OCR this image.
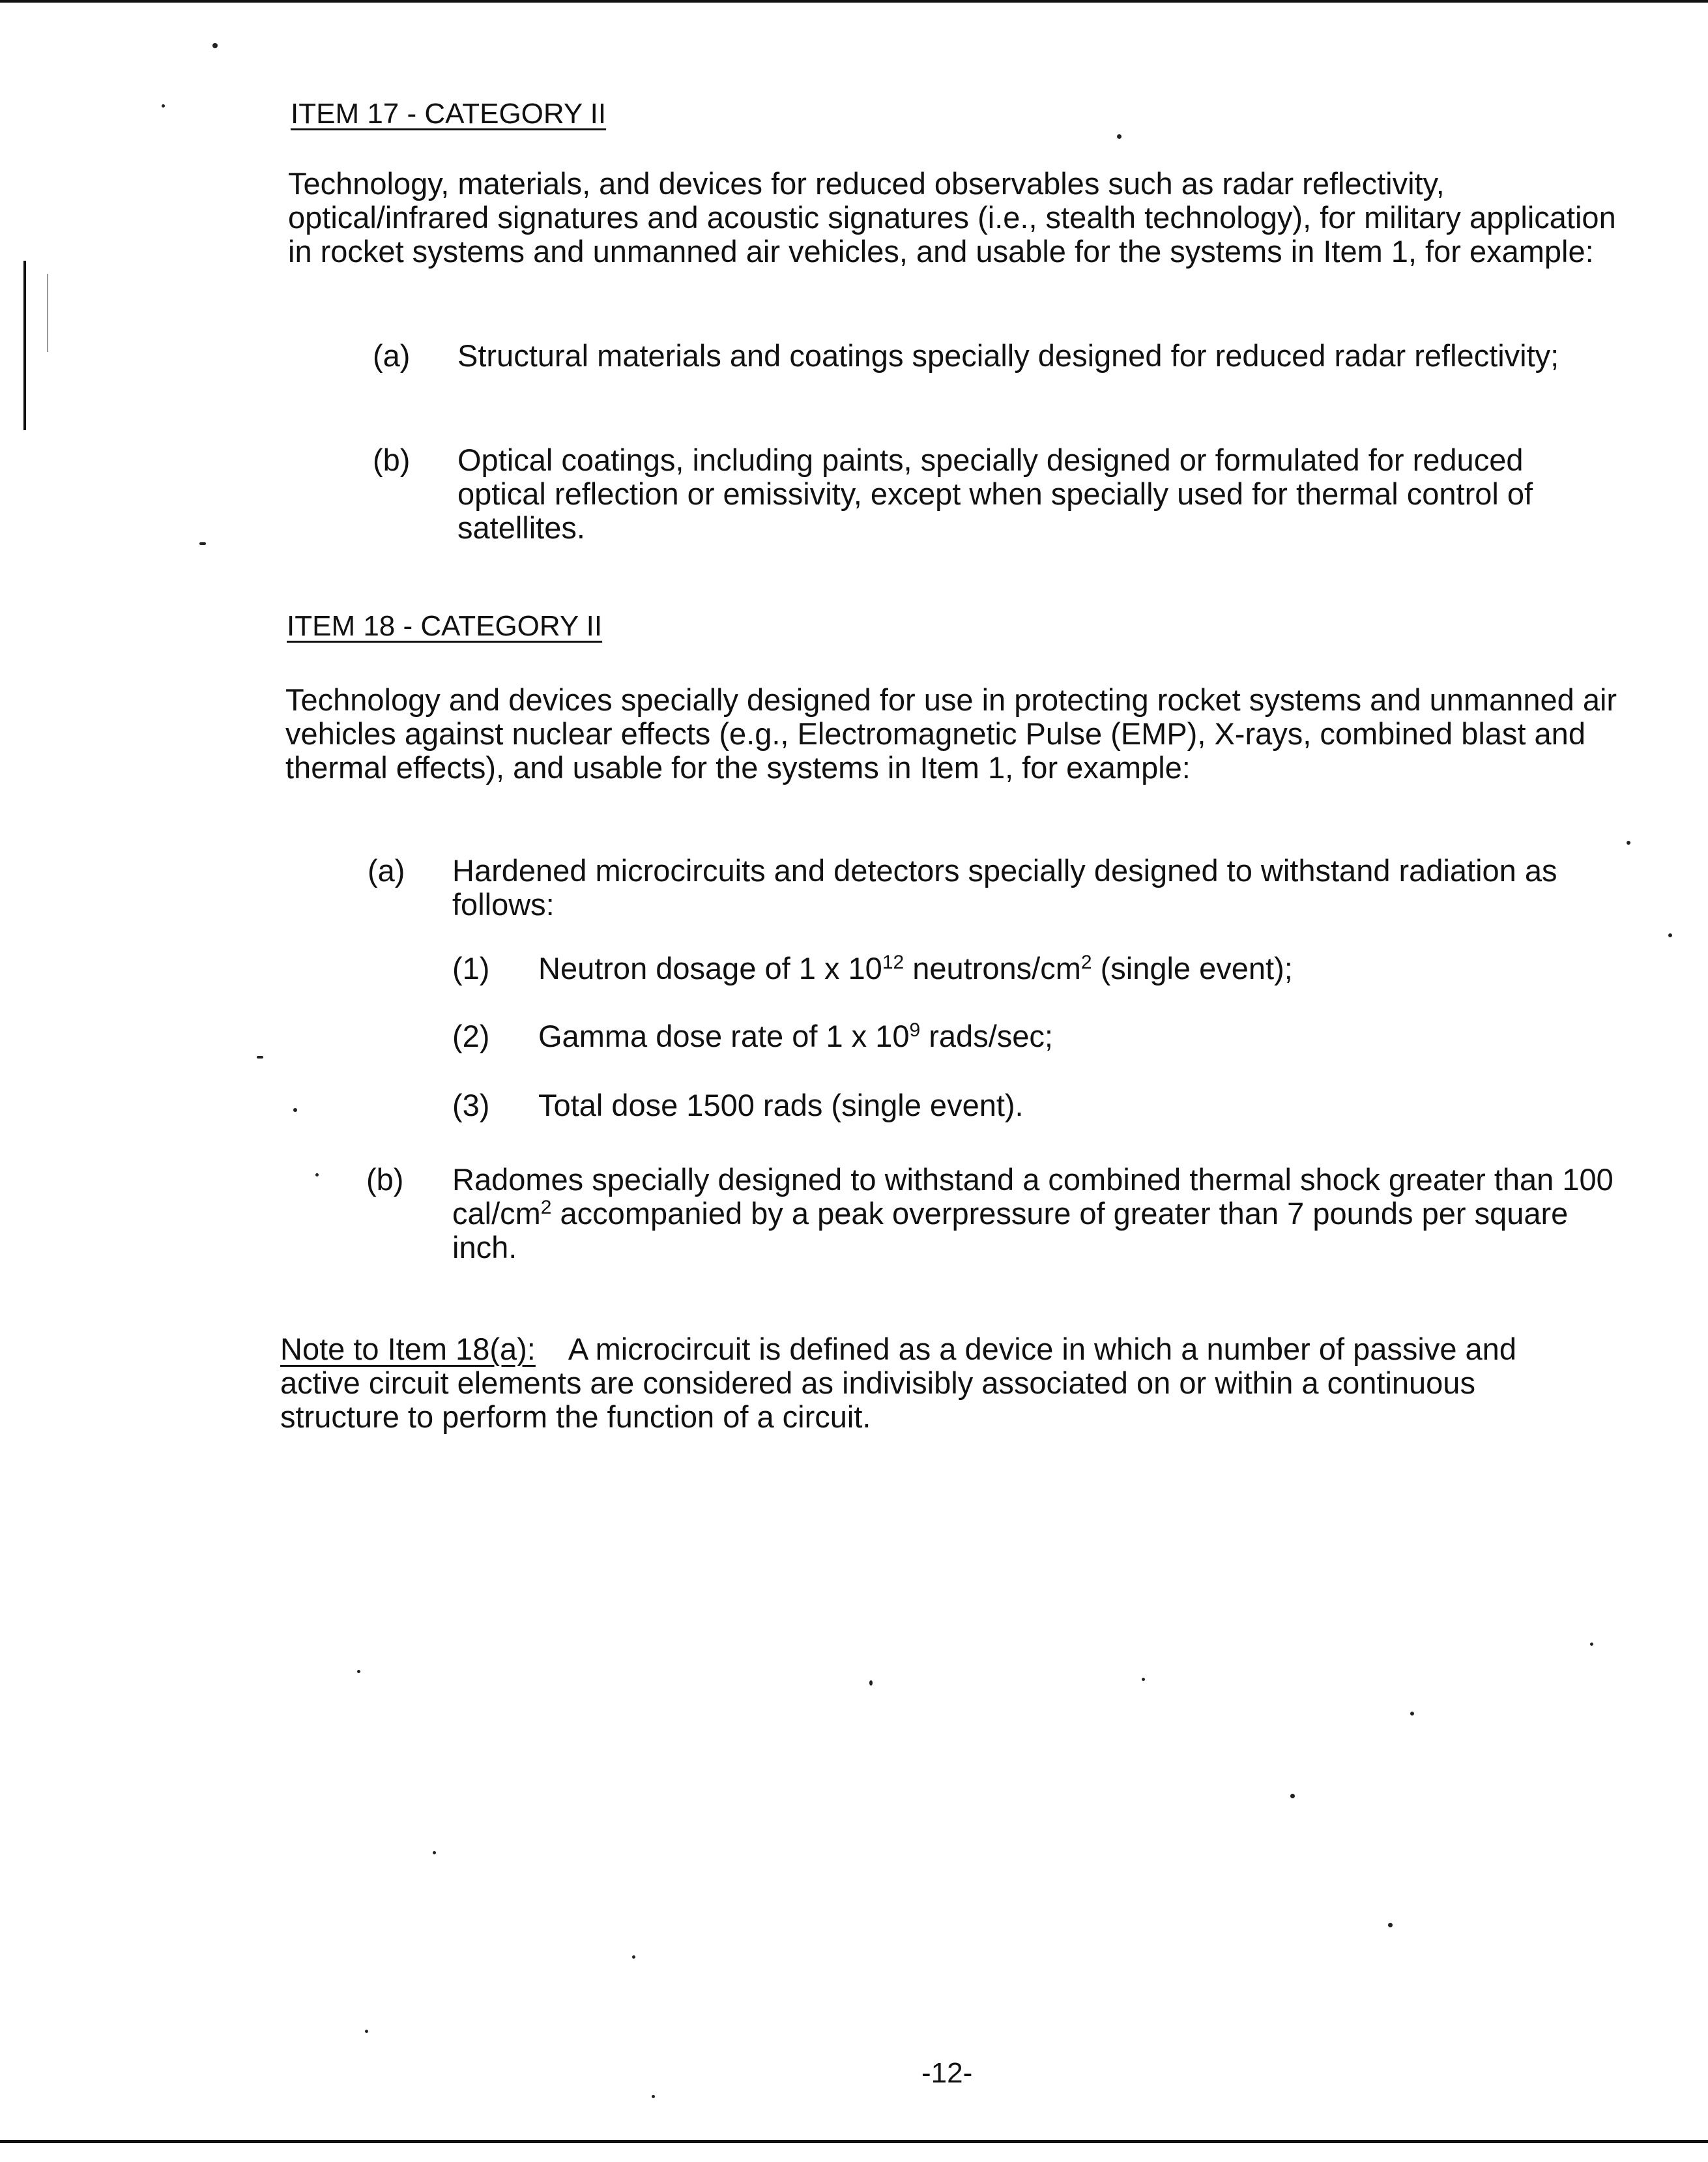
ITEM 17 - CATEGORY II
Technology, materials, and devices for reduced observables such as radar reflectivity, optical/infrared signatures and acoustic signatures (i.e., stealth technology), for military application in rocket systems and unmanned air vehicles, and usable for the systems in Item 1, for example:
(a) Structural materials and coatings specially designed for reduced radar reflectivity;
(b) Optical coatings, including paints, specially designed or formulated for reduced optical reflection or emissivity, except when specially used for thermal control of satellites.
ITEM 18 - CATEGORY II
Technology and devices specially designed for use in protecting rocket systems and unmanned air vehicles against nuclear effects (e.g., Electromagnetic Pulse (EMP), X-rays, combined blast and thermal effects), and usable for the systems in Item 1, for example:
(a) Hardened microcircuits and detectors specially designed to withstand radiation as follows:
(1) Neutron dosage of 1 x $10^{12}$ neutrons/$cm^2$ (single event);
(2) Gamma dose rate of 1 x $10^9$ rads/sec;
(3) Total dose 1500 rads (single event).
(b) Radomes specially designed to withstand a combined thermal shock greater than 100 cal/$cm^2$ accompanied by a peak overpressure of greater than 7 pounds per square inch.
Note to Item 18(a): A microcircuit is defined as a device in which a number of passive and active circuit elements are considered as indivisibly associated on or within a continuous structure to perform the function of a circuit.
-12-
